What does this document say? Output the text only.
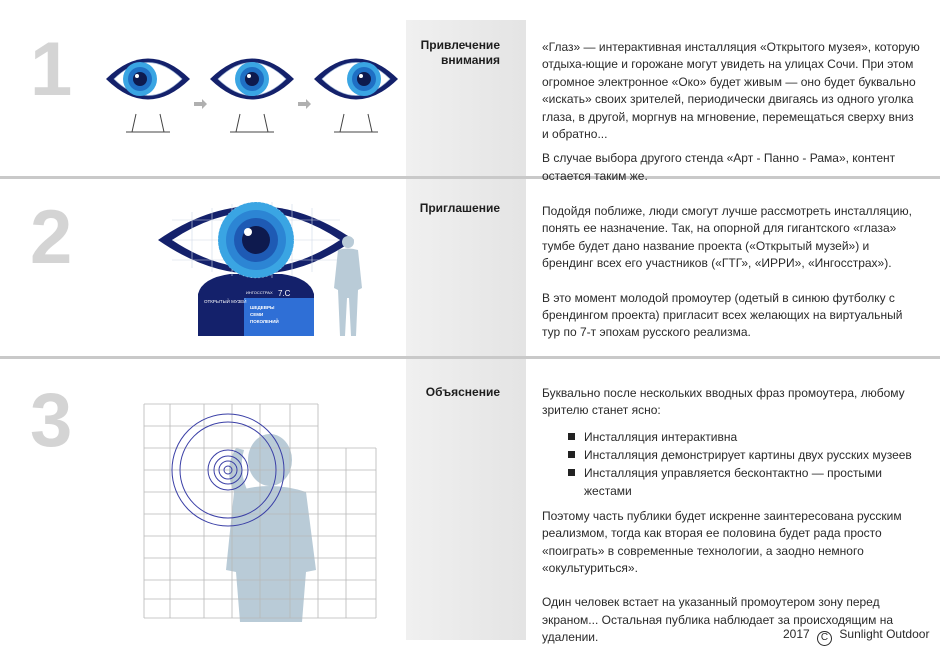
1	Привлечение внимания

«Глаз» — интерактивная инсталляция «Открытого музея», которую отдыха-ющие и горожане могут увидеть на улицах Сочи. При этом огромное электронное «Око» будет живым — оно будет буквально «искать» своих зрителей, периодически двигаясь из одного уголка глаза, в другой, моргнув на мгновение, перемещаться сверху вниз и обратно...

В случае выбора другого стенда «Арт - Панно - Рама», контент остается таким же.

2	Приглашение
ОТКРЫТЫЙ МУЗЕЙ
ИНГОССТРАХ 7.С
ШЕДЕВРЫ
СЕМИ
ПОКОЛЕНИЙ

Подойдя поближе, люди смогут лучше рассмотреть инсталляцию, понять ее назначение. Так, на опорной для гигантского «глаза» тумбе будет дано название проекта («Открытый музей») и брендинг всех его участников («ГТГ», «ИРРИ», «Ингосстрах»).

В это момент молодой промоутер (одетый в синюю футболку с брендингом проекта) пригласит всех желающих на виртуальный тур по 7-т эпохам русского реализма.

3	Объяснение	Буквально после нескольких вводных фраз промоутера, любому зрителю станет ясно:

Инсталляция интерактивна
Инсталляция демонстрирует картины двух русских музеев
Инсталляция управляется бесконтактно — простыми жестами

Поэтому часть публики будет искренне заинтересована русским реализмом, тогда как вторая ее половина будет рада просто «поиграть» в современные технологии, а заодно немного «окультуриться».

Один человек встает на указанный промоутером зону перед экраном... Остальная публика наблюдает за происходящим на удалении.	2017 C Sunlight Outdoor
